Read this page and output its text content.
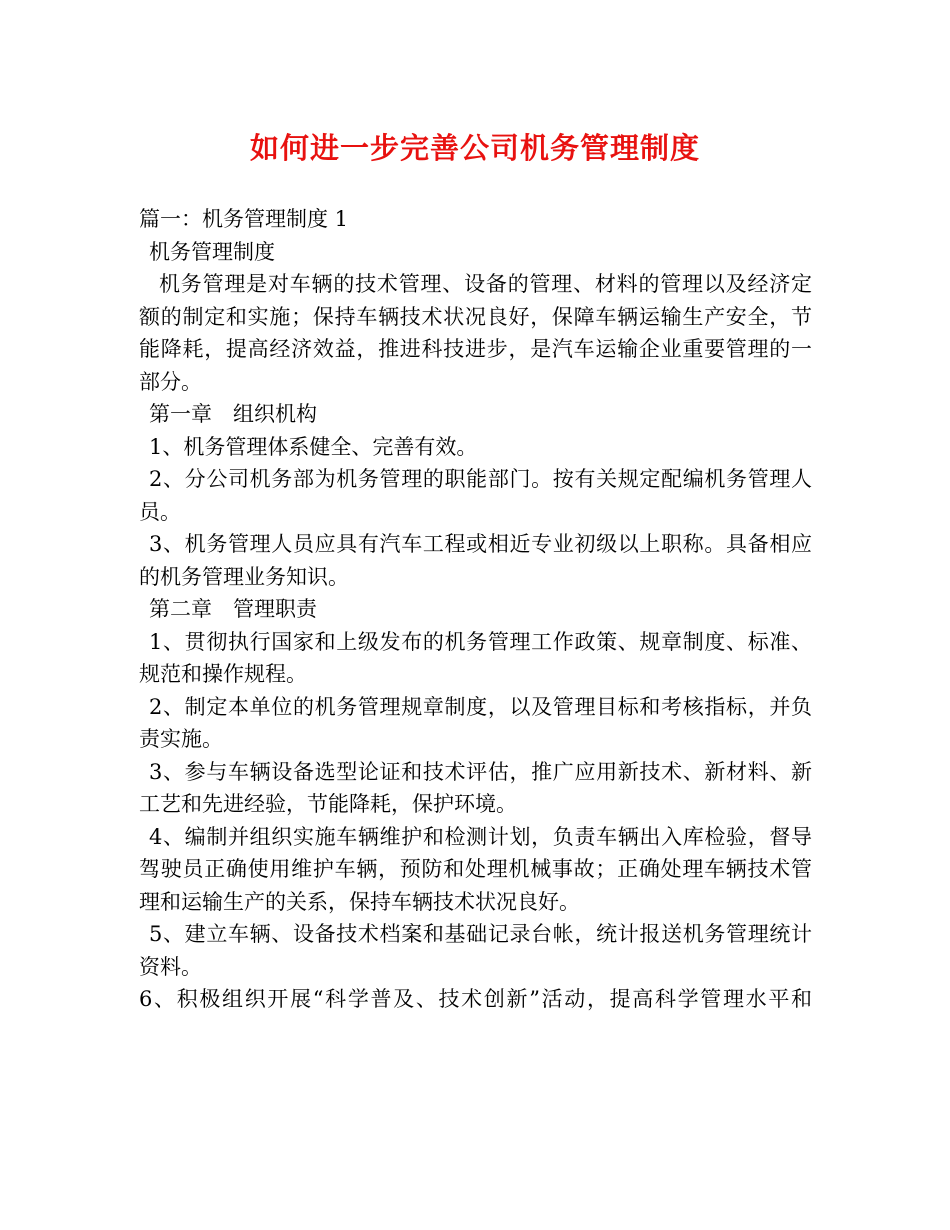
如何进一步完善公司机务管理制度
篇一：机务管理制度 1
机务管理制度
机务管理是对车辆的技术管理、设备的管理、材料的管理以及经济定
额的制定和实施；保持车辆技术状况良好，保障车辆运输生产安全，节
能降耗，提高经济效益，推进科技进步，是汽车运输企业重要管理的一
部分。
第一章　组织机构
1、机务管理体系健全、完善有效。
2、分公司机务部为机务管理的职能部门。按有关规定配编机务管理人
员。
3、机务管理人员应具有汽车工程或相近专业初级以上职称。具备相应
的机务管理业务知识。
第二章　管理职责
1、贯彻执行国家和上级发布的机务管理工作政策、规章制度、标准、
规范和操作规程。
2、制定本单位的机务管理规章制度，以及管理目标和考核指标，并负
责实施。
3、参与车辆设备选型论证和技术评估，推广应用新技术、新材料、新
工艺和先进经验，节能降耗，保护环境。
4、编制并组织实施车辆维护和检测计划，负责车辆出入库检验，督导
驾驶员正确使用维护车辆，预防和处理机械事故；正确处理车辆技术管
理和运输生产的关系，保持车辆技术状况良好。
5、建立车辆、设备技术档案和基础记录台帐，统计报送机务管理统计
资料。
6、积极组织开展“科学普及、技术创新”活动，提高科学管理水平和
